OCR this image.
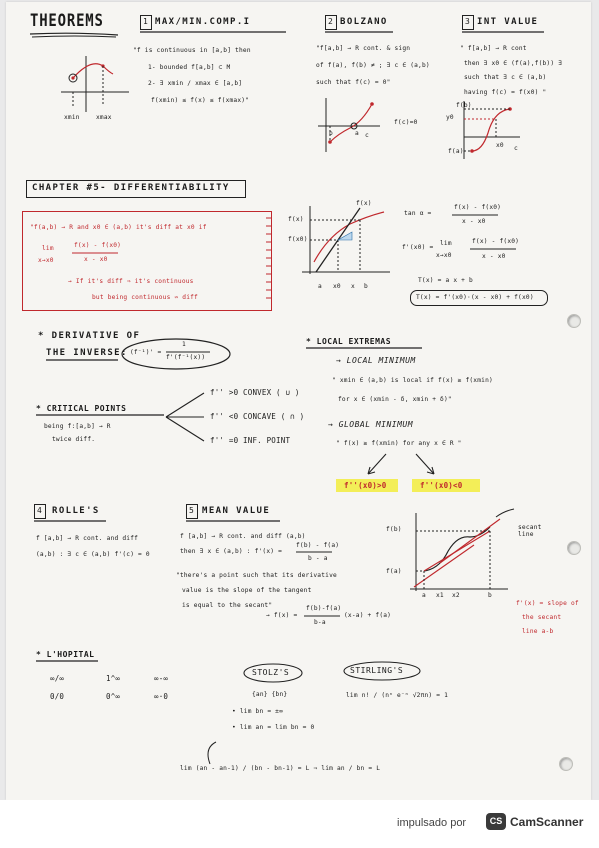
THEOREMS	1 MAX/MIN.COMP.I
"f is continuous in [a,b] then
1- bounded f[a,b] ⊂ M
2- ∃ xmin / xmax ∈ [a,b]
f(xmin) ≤ f(x) ≤ f(xmax)"
xmin	xmax
2 BOLZANO
"f[a,b] → R cont. & sign
of f(a), f(b) ≠ ; ∃ c ∈ (a,b)
such that f(c) = 0"
f(c)=0
b	a c
3 INT VALUE
" f[a,b] → R cont
then ∃ x0 ∈ (f(a),f(b)) ∃
such that ∃ c ∈ (a,b)
having f(c) = f(x0) "
f(b)
y0
f(a)
x0 c
CHAPTER #5- DIFFERENTIABILITY
"f(a,b) → R and x0 ∈ (a,b) it's diff at x0 if
lim
x→x0
f(x) - f(x0)
x - x0
→ If it's diff ⇒ it's continuous
but being continuous ⇏ diff
f(x)
f(x0)
f(x)
a x0 x b
tan α =
f(x) - f(x0)
x - x0
f'(x0) =
lim
x→x0
f(x) - f(x0)
x - x0
T(x) = a x + b
T(x) = f'(x0)·(x - x0) + f(x0)
* DERIVATIVE OF
THE INVERSE: (f⁻¹)' =
1
f'(f⁻¹(x))
* CRITICAL POINTS
being f:[a,b] → R
twice diff.
f'' >0 CONVEX ( ∪ )
f'' <0 CONCAVE ( ∩ )
f'' =0 INF. POINT
* LOCAL EXTREMAS
→ LOCAL MINIMUM
" xmin ∈ (a,b) is local if f(x) ≥ f(xmin)
for x ∈ (xmin - δ, xmin + δ)"
→ GLOBAL MINIMUM
" f(x) ≥ f(xmin) for any x ∈ R "
f''(x0)>0	f''(x0)<0
4 ROLLE'S
f [a,b] → R cont. and diff
(a,b) : ∃ c ∈ (a,b) f'(c) = 0
5 MEAN VALUE
f [a,b] → R cont. and diff (a,b)
then ∃ x ∈ (a,b) : f'(x) =
f(b) - f(a)
b - a
"there's a point such that its derivative
value is the slope of the tangent
is equal to the secant"
→ f(x) =
f(b)-f(a)
b-a
(x-a) + f(a)
f(b)
f(a)
a x1 x2	b
secant line
f'(x) = slope of
the secant
line a-b
* L'HOPITAL
∞/∞	1^∞	∞-∞
0/0	0^∞	∞·0
STOLZ'S
{an} {bn}
• lim bn = ±∞
• lim an = lim bn = 0
lim (an - an-1) / (bn - bn-1) = L ⇒ lim an / bn = L
STIRLING'S
lim n! / (nⁿ e⁻ⁿ √2πn) = 1
impulsado por	CS CamScanner
